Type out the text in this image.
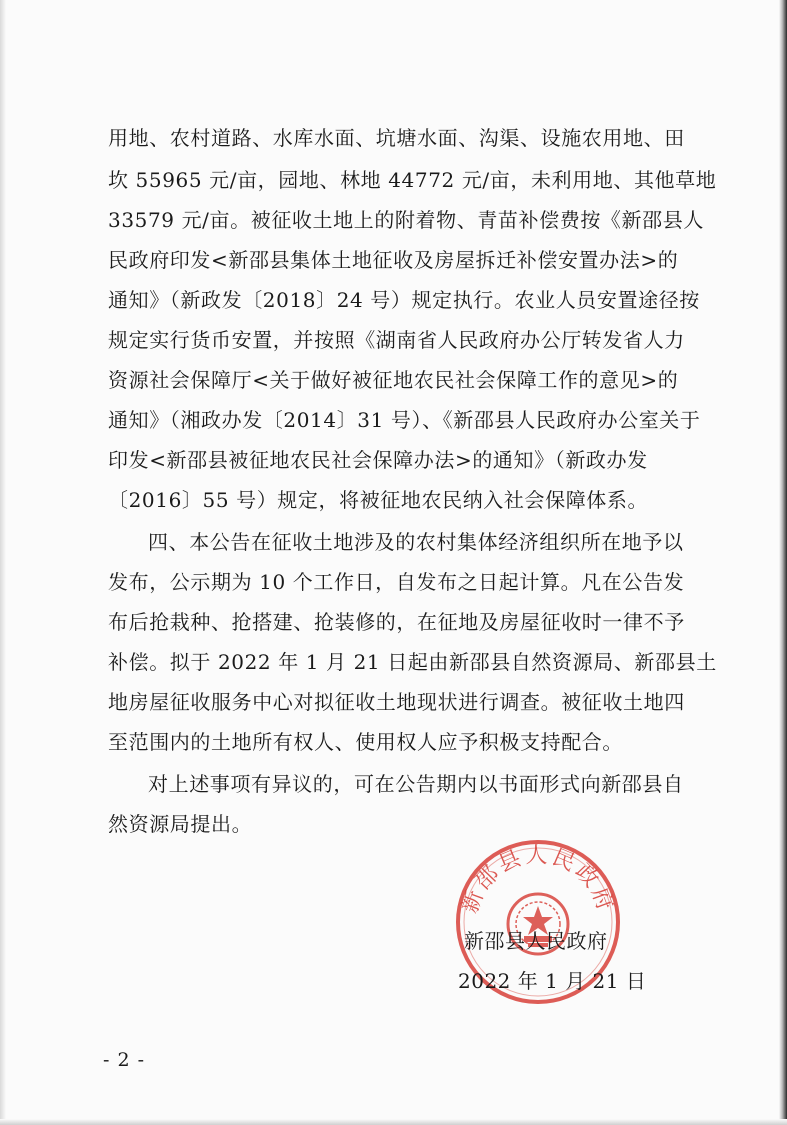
用地、农村道路、水库水面、坑塘水面、沟渠、设施农用地、田
坎 55965 元/亩，园地、林地 44772 元/亩，未利用地、其他草地
33579 元/亩。被征收土地上的附着物、青苗补偿费按《新邵县人
民政府印发<新邵县集体土地征收及房屋拆迁补偿安置办法>的
通知》（新政发〔2018〕24 号）规定执行。农业人员安置途径按
规定实行货币安置，并按照《湖南省人民政府办公厅转发省人力
资源社会保障厅<关于做好被征地农民社会保障工作的意见>的
通知》（湘政办发〔2014〕31 号）、《新邵县人民政府办公室关于
印发<新邵县被征地农民社会保障办法>的通知》（新政办发
〔2016〕55 号）规定，将被征地农民纳入社会保障体系。
四、本公告在征收土地涉及的农村集体经济组织所在地予以
发布，公示期为 10 个工作日，自发布之日起计算。凡在公告发
布后抢栽种、抢搭建、抢装修的，在征地及房屋征收时一律不予
补偿。拟于 2022 年 1 月 21 日起由新邵县自然资源局、新邵县土
地房屋征收服务中心对拟征收土地现状进行调查。被征收土地四
至范围内的土地所有权人、使用权人应予积极支持配合。
对上述事项有异议的，可在公告期内以书面形式向新邵县自
然资源局提出。
新邵县人民政府
新邵县人民政府
2022 年 1 月 21 日
- 2 -
